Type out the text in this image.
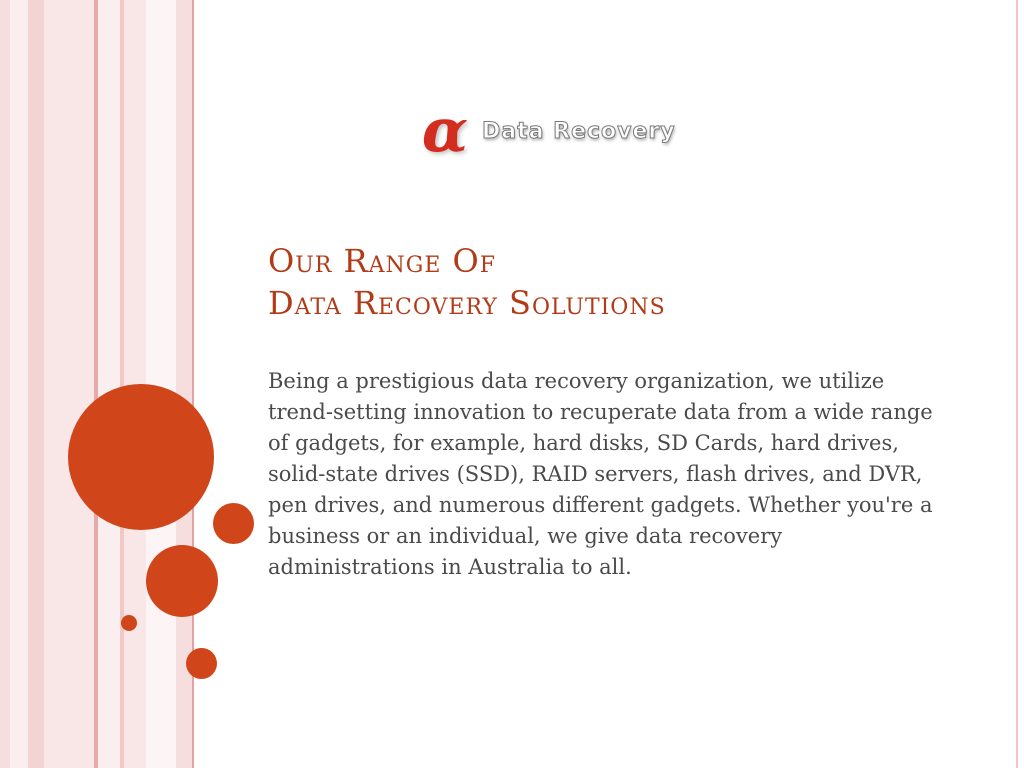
α Data Recovery
Our Range Of
Data Recovery Solutions

Being a prestigious data recovery organization, we utilize trend-setting innovation to recuperate data from a wide range of gadgets, for example, hard disks, SD Cards, hard drives, solid-state drives (SSD), RAID servers, flash drives, and DVR, pen drives, and numerous different gadgets. Whether you're a business or an individual, we give data recovery administrations in Australia to all.
